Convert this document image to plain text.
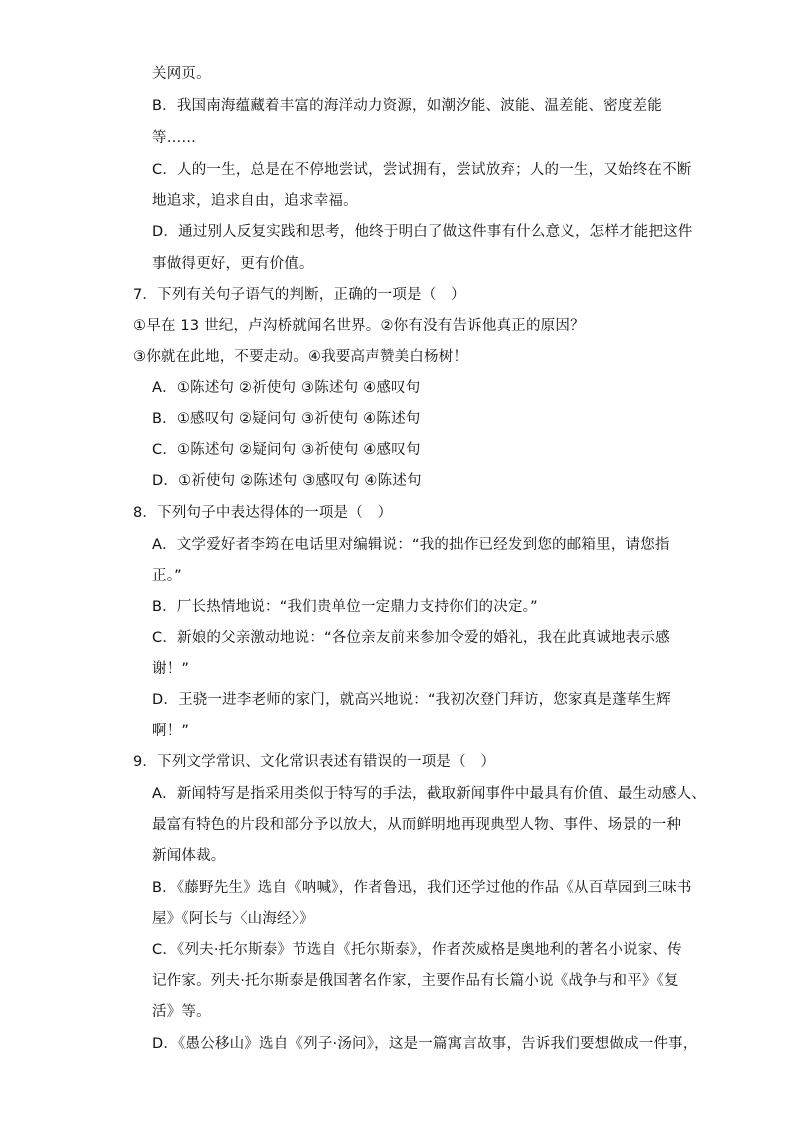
关网页。
B．我国南海蕴藏着丰富的海洋动力资源，如潮汐能、波能、温差能、密度差能
等……
C．人的一生，总是在不停地尝试，尝试拥有，尝试放弃；人的一生，又始终在不断
地追求，追求自由，追求幸福。
D．通过别人反复实践和思考，他终于明白了做这件事有什么意义，怎样才能把这件
事做得更好，更有价值。
7．下列有关句子语气的判断，正确的一项是（　）
①早在 13 世纪，卢沟桥就闻名世界。②你有没有告诉他真正的原因？
③你就在此地，不要走动。④我要高声赞美白杨树！
A．①陈述句 ②祈使句 ③陈述句 ④感叹句
B．①感叹句 ②疑问句 ③祈使句 ④陈述句
C．①陈述句 ②疑问句 ③祈使句 ④感叹句
D．①祈使句 ②陈述句 ③感叹句 ④陈述句
8．下列句子中表达得体的一项是（　）
A．文学爱好者李筠在电话里对编辑说：“我的拙作已经发到您的邮箱里，请您指
正。”
B．厂长热情地说：“我们贵单位一定鼎力支持你们的决定。”
C．新娘的父亲激动地说：“各位亲友前来参加令爱的婚礼，我在此真诚地表示感
谢！”
D．王骁一进李老师的家门，就高兴地说：“我初次登门拜访，您家真是蓬荜生辉
啊！”
9．下列文学常识、文化常识表述有错误的一项是（　）
A．新闻特写是指采用类似于特写的手法，截取新闻事件中最具有价值、最生动感人、
最富有特色的片段和部分予以放大，从而鲜明地再现典型人物、事件、场景的一种
新闻体裁。
B．《藤野先生》选自《呐喊》，作者鲁迅，我们还学过他的作品《从百草园到三味书
屋》《阿长与〈山海经〉》
C．《列夫·托尔斯泰》节选自《托尔斯泰》，作者茨威格是奥地利的著名小说家、传
记作家。列夫·托尔斯泰是俄国著名作家，主要作品有长篇小说《战争与和平》《复
活》等。
D．《愚公移山》选自《列子·汤问》，这是一篇寓言故事，告诉我们要想做成一件事，
